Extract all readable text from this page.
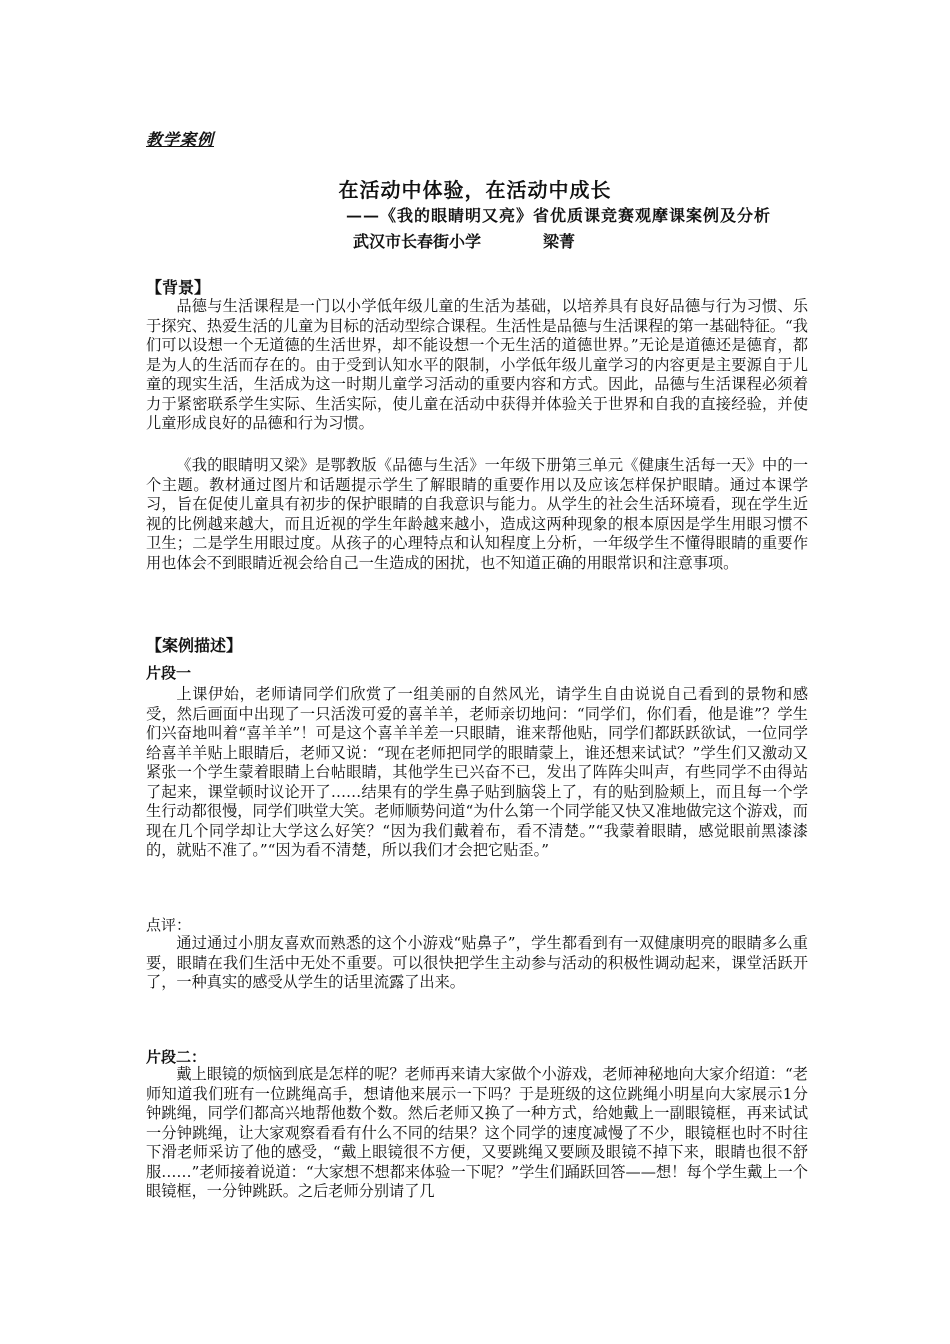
教学案例
在活动中体验，在活动中成长
——《我的眼睛明又亮》省优质课竞赛观摩课案例及分析
武汉市长春街小学	梁菁
【背景】

品德与生活课程是一门以小学低年级儿童的生活为基础，以培养具有良好品德与行为习惯、乐于探究、热爱生活的儿童为目标的活动型综合课程。生活性是品德与生活课程的第一基础特征。“我们可以设想一个无道德的生活世界，却不能设想一个无生活的道德世界。”无论是道德还是德育，都是为人的生活而存在的。由于受到认知水平的限制，小学低年级儿童学习的内容更是主要源自于儿童的现实生活，生活成为这一时期儿童学习活动的重要内容和方式。因此，品德与生活课程必须着力于紧密联系学生实际、生活实际，使儿童在活动中获得并体验关于世界和自我的直接经验，并使儿童形成良好的品德和行为习惯。

《我的眼睛明又梁》是鄂教版《品德与生活》一年级下册第三单元《健康生活每一天》中的一个主题。教材通过图片和话题提示学生了解眼睛的重要作用以及应该怎样保护眼睛。通过本课学习，旨在促使儿童具有初步的保护眼睛的自我意识与能力。从学生的社会生活环境看，现在学生近视的比例越来越大，而且近视的学生年龄越来越小，造成这两种现象的根本原因是学生用眼习惯不卫生；二是学生用眼过度。从孩子的心理特点和认知程度上分析，一年级学生不懂得眼睛的重要作用也体会不到眼睛近视会给自己一生造成的困扰，也不知道正确的用眼常识和注意事项。

【案例描述】
片段一

上课伊始，老师请同学们欣赏了一组美丽的自然风光，请学生自由说说自己看到的景物和感受，然后画面中出现了一只活泼可爱的喜羊羊，老师亲切地问：“同学们，你们看，他是谁”？学生们兴奋地叫着“喜羊羊”！可是这个喜羊羊差一只眼睛，谁来帮他贴，同学们都跃跃欲试，一位同学给喜羊羊贴上眼睛后，老师又说：“现在老师把同学的眼睛蒙上，谁还想来试试？”学生们又激动又紧张一个学生蒙着眼睛上台帖眼睛，其他学生已兴奋不已，发出了阵阵尖叫声，有些同学不由得站了起来，课堂顿时议论开了……结果有的学生鼻子贴到脑袋上了，有的贴到脸颊上，而且每一个学生行动都很慢，同学们哄堂大笑。老师顺势问道“为什么第一个同学能又快又准地做完这个游戏，而现在几个同学却让大学这么好笑？“因为我们戴着布，看不清楚。”“我蒙着眼睛，感觉眼前黑漆漆的，就贴不准了。”“因为看不清楚，所以我们才会把它贴歪。”

点评：

通过通过小朋友喜欢而熟悉的这个小游戏“贴鼻子”，学生都看到有一双健康明亮的眼睛多么重要，眼睛在我们生活中无处不重要。可以很快把学生主动参与活动的积极性调动起来，课堂活跃开了，一种真实的感受从学生的话里流露了出来。

片段二：

戴上眼镜的烦恼到底是怎样的呢？老师再来请大家做个小游戏，老师神秘地向大家介绍道：“老师知道我们班有一位跳绳高手，想请他来展示一下吗？于是班级的这位跳绳小明星向大家展示1分钟跳绳，同学们都高兴地帮他数个数。然后老师又换了一种方式，给她戴上一副眼镜框，再来试试一分钟跳绳，让大家观察看看有什么不同的结果？这个同学的速度减慢了不少，眼镜框也时不时往下滑老师采访了他的感受，“戴上眼镜很不方便，又要跳绳又要顾及眼镜不掉下来，眼睛也很不舒服……”老师接着说道：“大家想不想都来体验一下呢？”学生们踊跃回答——想！每个学生戴上一个眼镜框，一分钟跳跃。之后老师分别请了几
